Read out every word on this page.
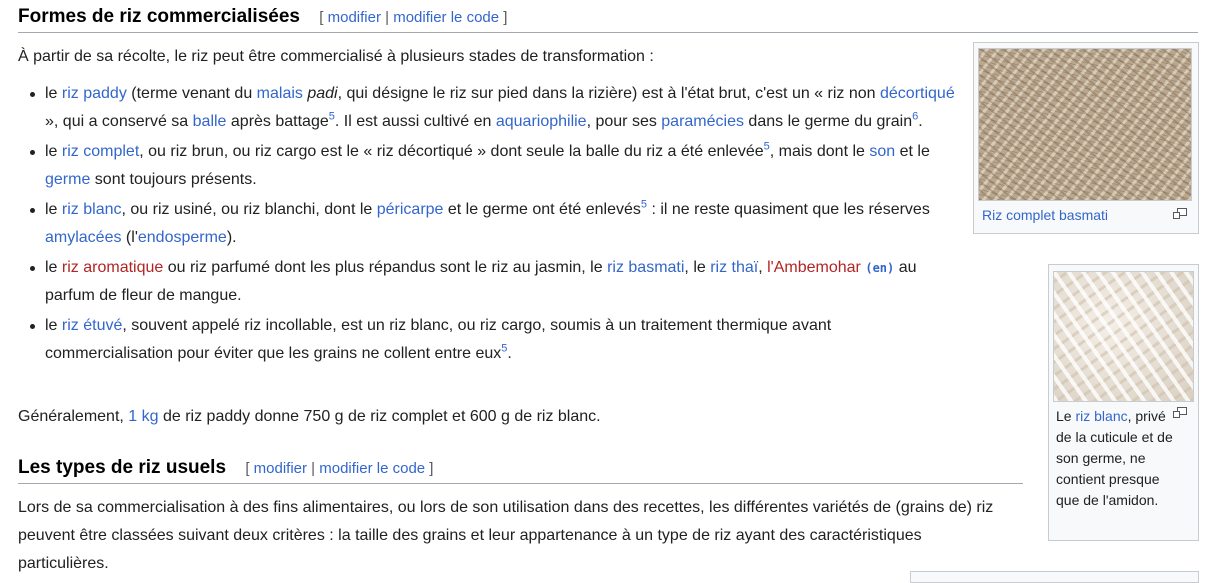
Formes de riz commercialisées [ modifier | modifier le code ]
À partir de sa récolte, le riz peut être commercialisé à plusieurs stades de transformation :
le riz paddy (terme venant du malais padi, qui désigne le riz sur pied dans la rizière) est à l'état brut, c'est un « riz non décortiqué », qui a conservé sa balle après battage$^5$. Il est aussi cultivé en aquariophilie, pour ses paramécies dans le germe du grain$^6$.
le riz complet, ou riz brun, ou riz cargo est le « riz décortiqué » dont seule la balle du riz a été enlevée$^5$, mais dont le son et le germe sont toujours présents.
le riz blanc, ou riz usiné, ou riz blanchi, dont le péricarpe et le germe ont été enlevés$^5$ : il ne reste quasiment que les réserves amylacées (l'endosperme).
le riz aromatique ou riz parfumé dont les plus répandus sont le riz au jasmin, le riz basmati, le riz thaï, l'Ambemohar (en) au parfum de fleur de mangue.
le riz étuvé, souvent appelé riz incollable, est un riz blanc, ou riz cargo, soumis à un traitement thermique avant commercialisation pour éviter que les grains ne collent entre eux$^5$.
Généralement, 1 kg de riz paddy donne 750 g de riz complet et 600 g de riz blanc.
Les types de riz usuels [ modifier | modifier le code ]
Lors de sa commercialisation à des fins alimentaires, ou lors de son utilisation dans des recettes, les différentes variétés de (grains de) riz peuvent être classées suivant deux critères : la taille des grains et leur appartenance à un type de riz ayant des caractéristiques particulières.
Riz complet basmati
Le riz blanc, privé de la cuticule et de son germe, ne contient presque que de l'amidon.
